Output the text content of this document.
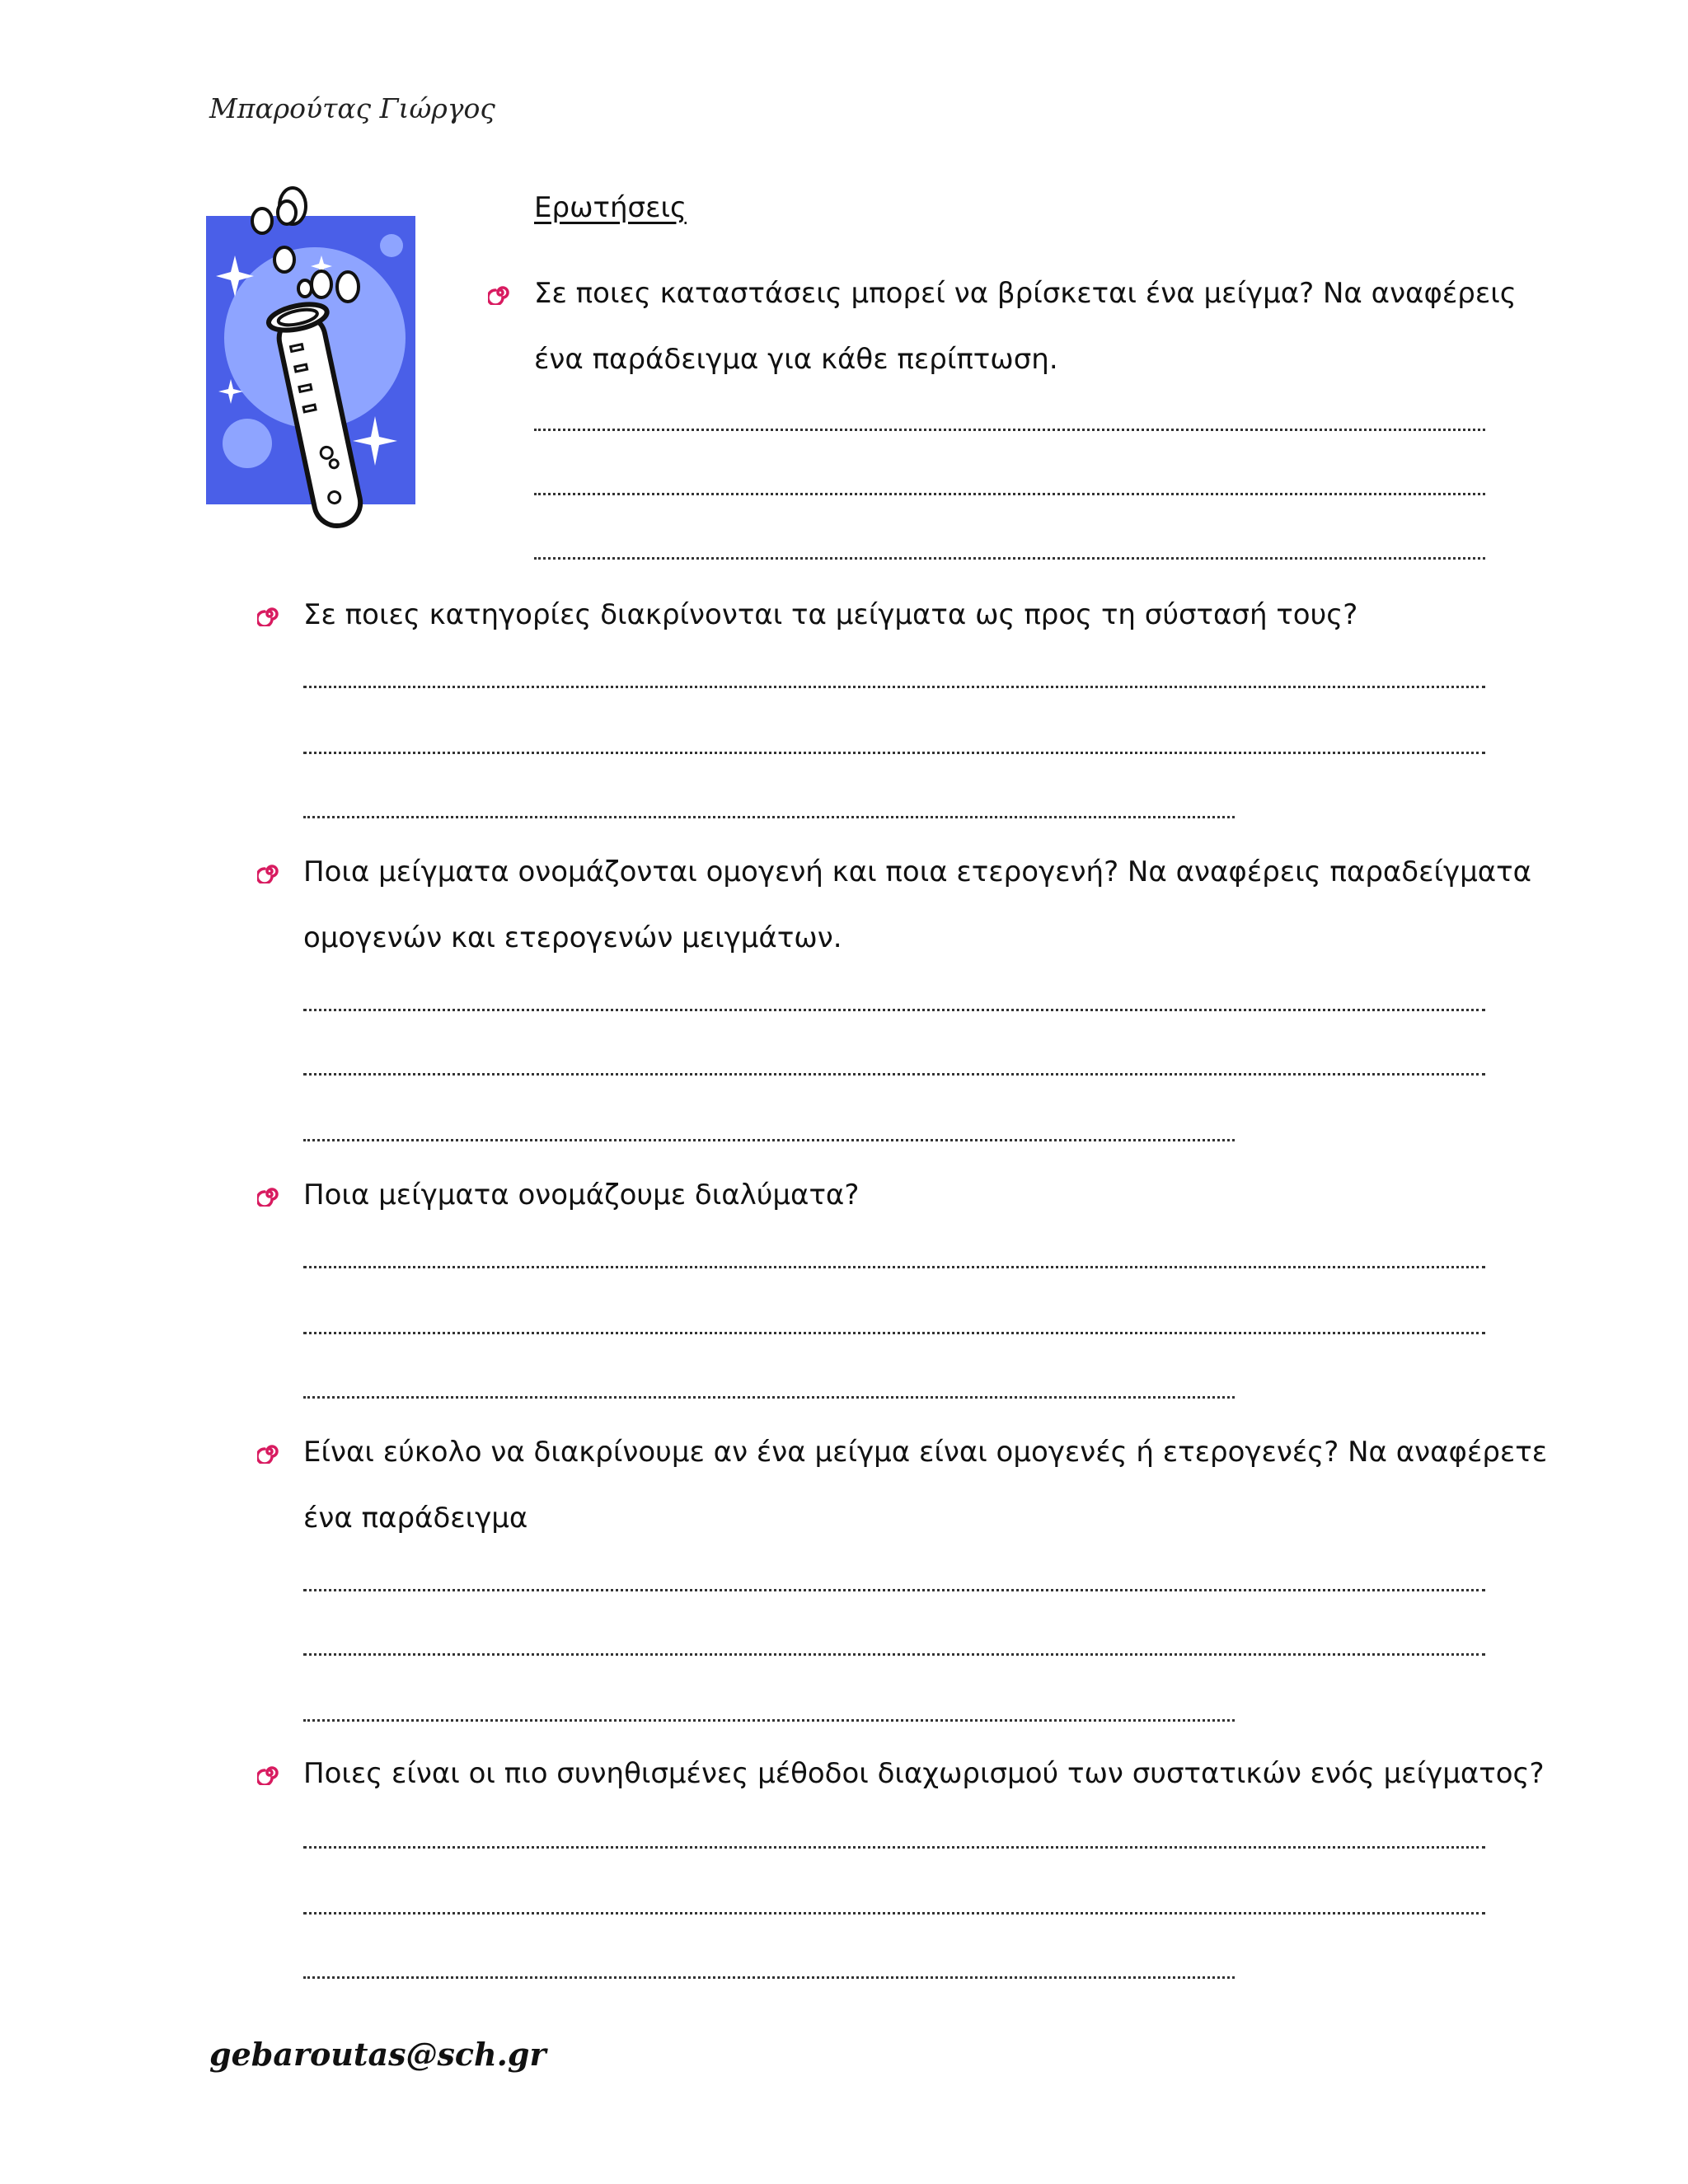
Μπαρούτας Γιώργος
Ερωτήσεις
Σε ποιες καταστάσεις μπορεί να βρίσκεται ένα μείγμα? Να αναφέρεις
ένα παράδειγμα για κάθε περίπτωση.
Σε ποιες κατηγορίες διακρίνονται τα μείγματα ως προς τη σύστασή τους?
Ποια μείγματα ονομάζονται ομογενή και ποια ετερογενή? Να αναφέρεις παραδείγματα
ομογενών και ετερογενών μειγμάτων.
Ποια μείγματα ονομάζουμε διαλύματα?
Είναι εύκολο να διακρίνουμε αν ένα μείγμα είναι ομογενές ή ετερογενές? Να αναφέρετε
ένα παράδειγμα
Ποιες είναι οι πιο συνηθισμένες μέθοδοι διαχωρισμού των συστατικών ενός μείγματος?
gebaroutas@sch.gr
